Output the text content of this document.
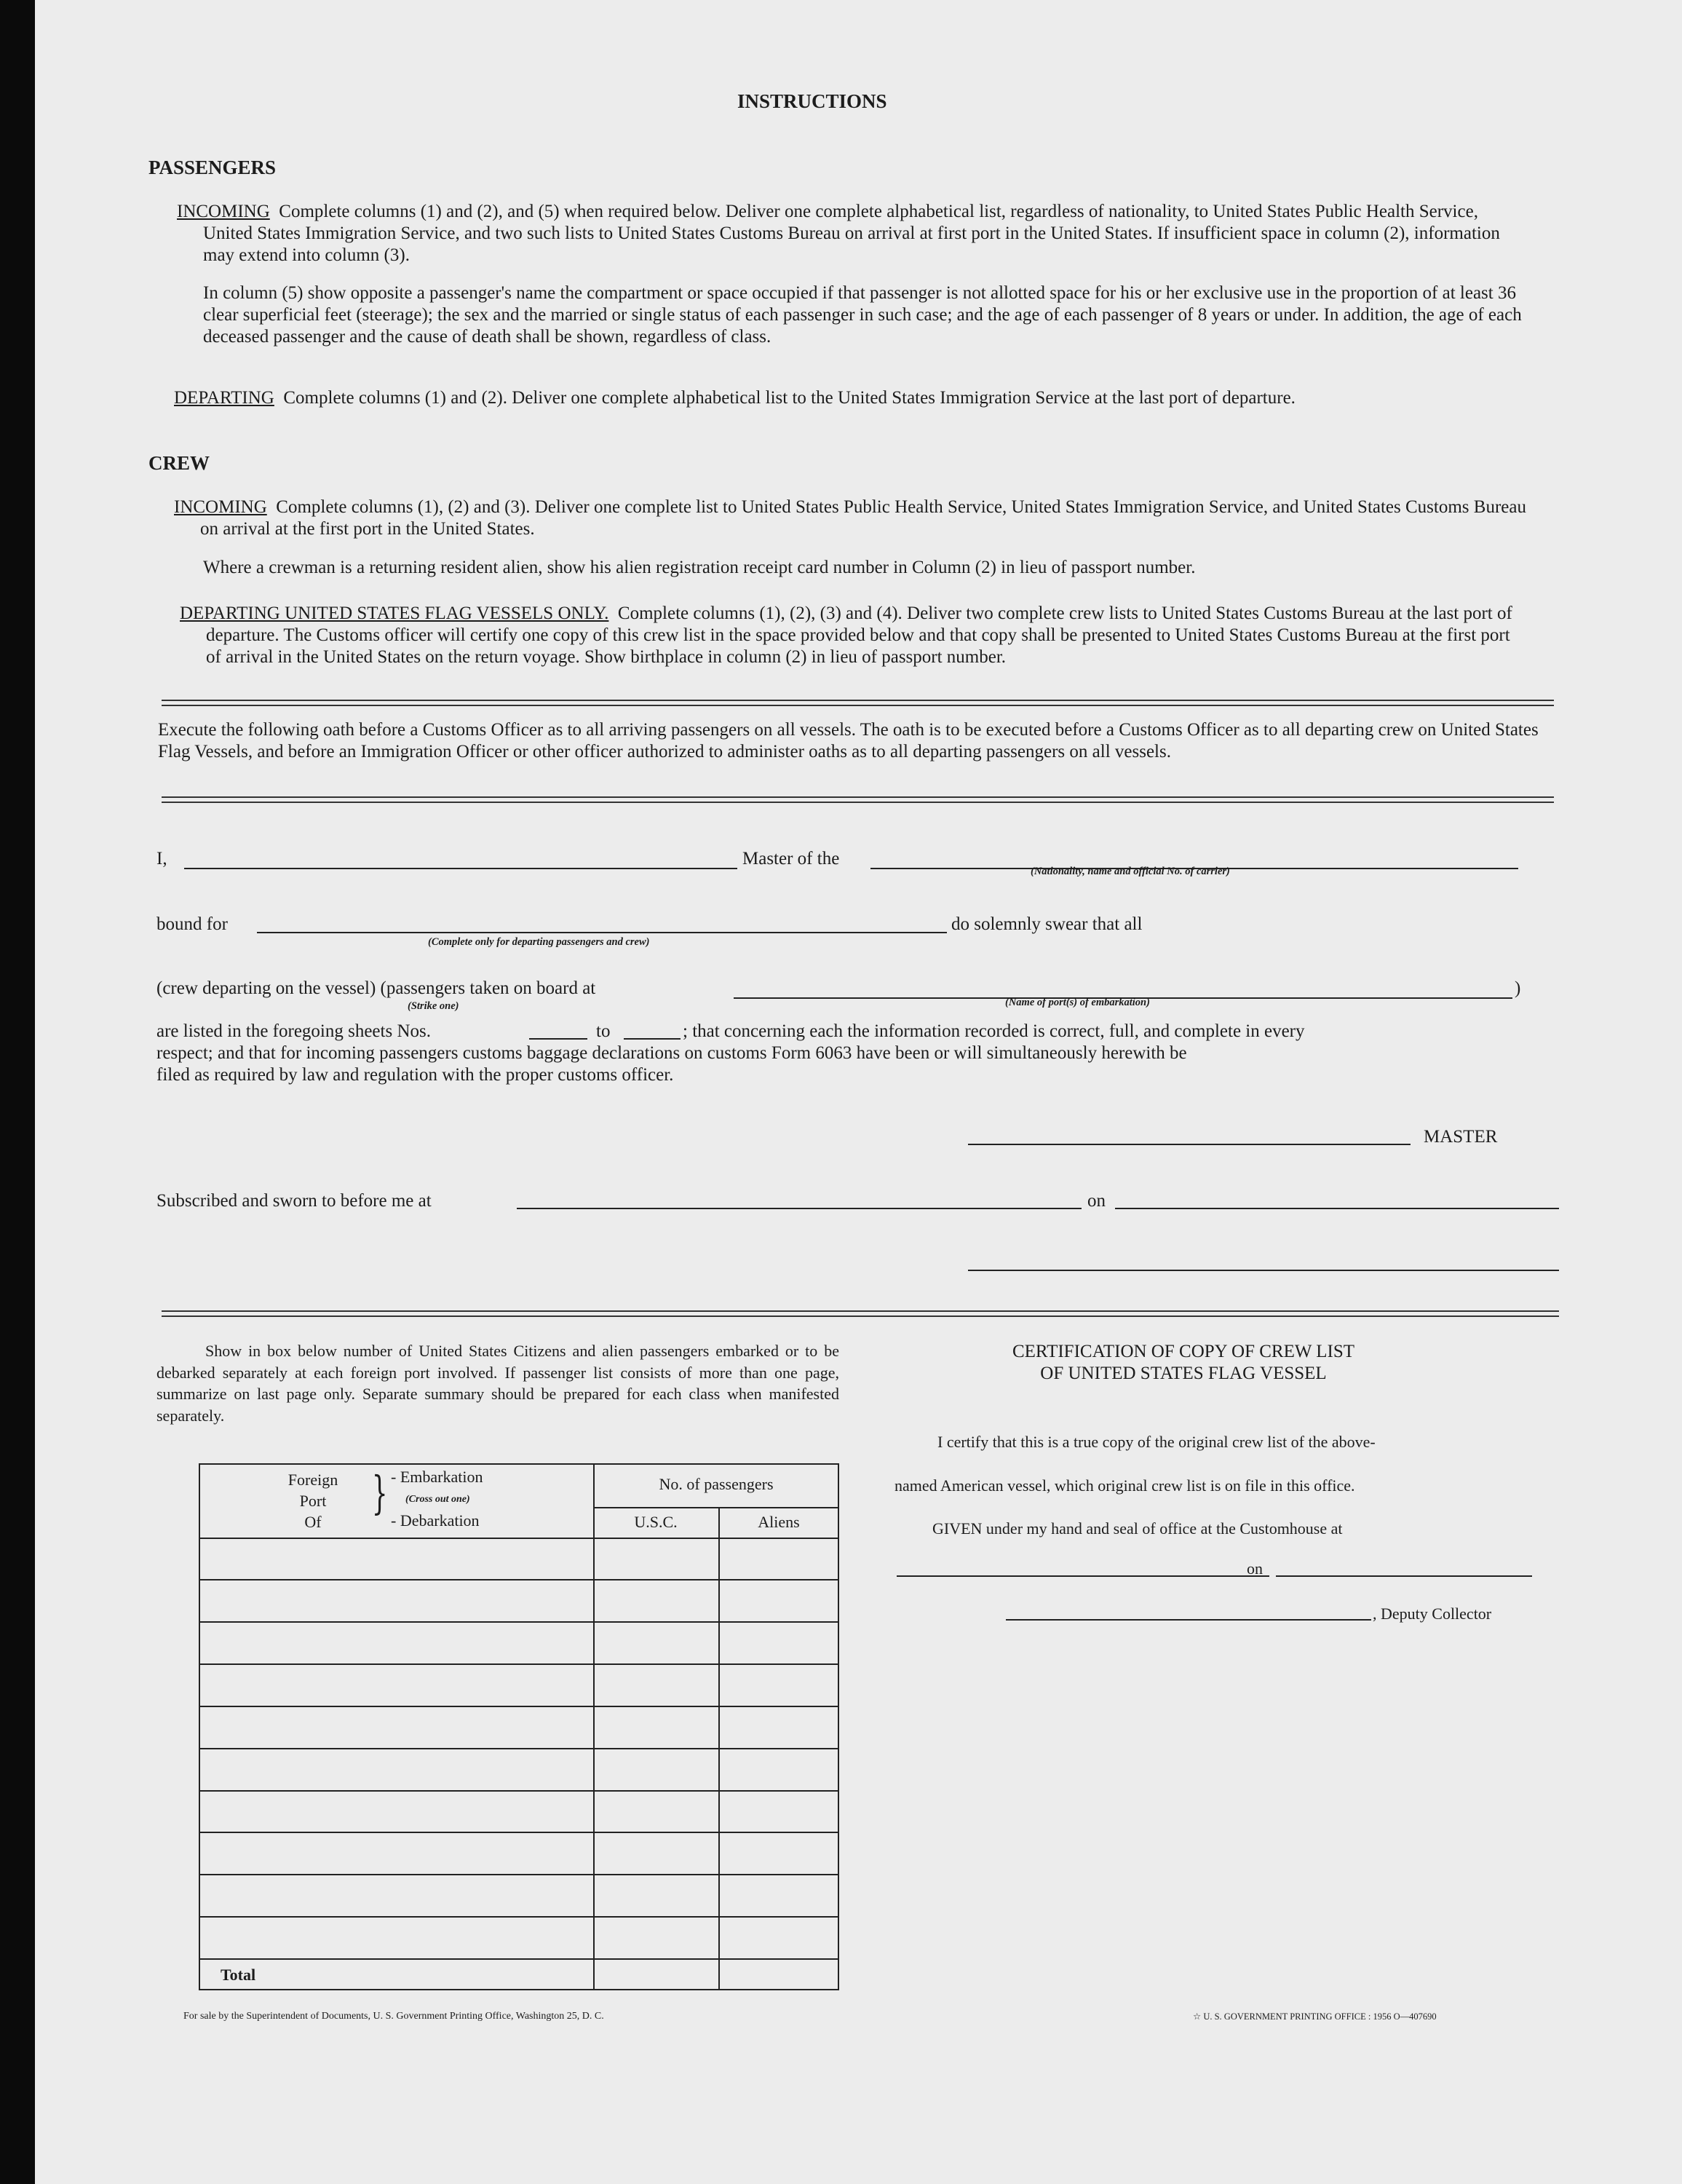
INSTRUCTIONS
PASSENGERS

INCOMING Complete columns (1) and (2), and (5) when required below. Deliver one complete alphabetical list, regardless of nationality, to United States Public Health Service, United States Immigration Service, and two such lists to United States Customs Bureau on arrival at first port in the United States. If insufficient space in column (2), information may extend into column (3).

In column (5) show opposite a passenger's name the compartment or space occupied if that passenger is not allotted space for his or her exclusive use in the proportion of at least 36 clear superficial feet (steerage); the sex and the married or single status of each passenger in such case; and the age of each passenger of 8 years or under. In addition, the age of each deceased passenger and the cause of death shall be shown, regardless of class.

DEPARTING Complete columns (1) and (2). Deliver one complete alphabetical list to the United States Immigration Service at the last port of departure.

CREW

INCOMING Complete columns (1), (2) and (3). Deliver one complete list to United States Public Health Service, United States Immigration Service, and United States Customs Bureau on arrival at the first port in the United States.

Where a crewman is a returning resident alien, show his alien registration receipt card number in Column (2) in lieu of passport number.

DEPARTING UNITED STATES FLAG VESSELS ONLY. Complete columns (1), (2), (3) and (4). Deliver two complete crew lists to United States Customs Bureau at the last port of departure. The Customs officer will certify one copy of this crew list in the space provided below and that copy shall be presented to United States Customs Bureau at the first port of arrival in the United States on the return voyage. Show birthplace in column (2) in lieu of passport number.

Execute the following oath before a Customs Officer as to all arriving passengers on all vessels. The oath is to be executed before a Customs Officer as to all departing crew on United States Flag Vessels, and before an Immigration Officer or other officer authorized to administer oaths as to all departing passengers on all vessels.
I,	Master of the
(Nationality, name and official No. of carrier)
bound for
(Complete only for departing passengers and crew)
do solemnly swear that all
(crew departing on the vessel) (passengers taken on board at	)
(Strike one)	(Name of port(s) of embarkation)
are listed in the foregoing sheets Nos.	to	; that concerning each the information recorded is correct, full, and complete in every
respect; and that for incoming passengers customs baggage declarations on customs Form 6063 have been or will simultaneously herewith be
filed as required by law and regulation with the proper customs officer.
MASTER
Subscribed and sworn to before me at	on
Show in box below number of United States Citizens and alien passengers embarked or to be debarked separately at each foreign port involved. If passenger list consists of more than one page, summarize on last page only. Separate summary should be prepared for each class when manifested separately.
Foreign
Port
Of
} - Embarkation
(Cross out one)
- Debarkation
No. of passengers
U.S.C.	Aliens
Total
CERTIFICATION OF COPY OF CREW LIST
OF UNITED STATES FLAG VESSEL
I certify that this is a true copy of the original crew list of the above-
named American vessel, which original crew list is on file in this office.
GIVEN under my hand and seal of office at the Customhouse at
on
, Deputy Collector
For sale by the Superintendent of Documents, U. S. Government Printing Office, Washington 25, D. C.	☆ U. S. GOVERNMENT PRINTING OFFICE : 1956 O—407690
